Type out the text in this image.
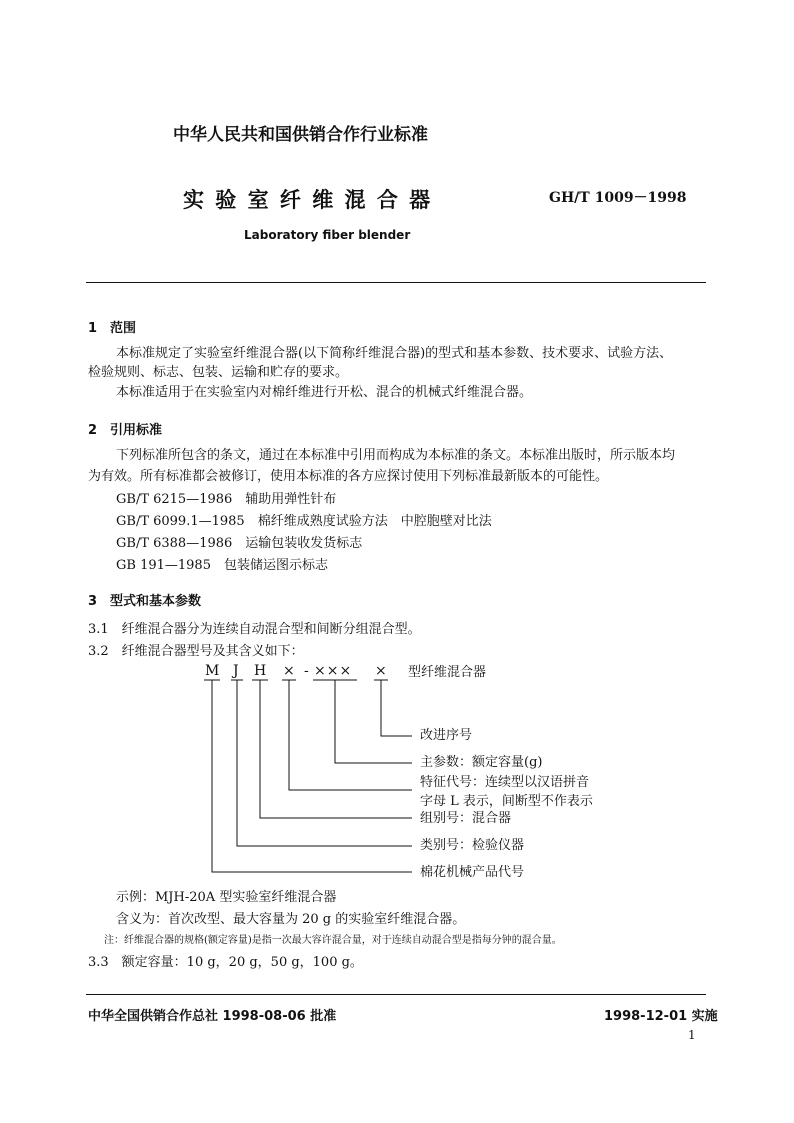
中华人民共和国供销合作行业标准
实 验 室 纤 维 混 合 器	GH/T 1009－1998
Laboratory fiber blender
1　范围
本标准规定了实验室纤维混合器(以下简称纤维混合器)的型式和基本参数、技术要求、试验方法、
检验规则、标志、包装、运输和贮存的要求。
本标准适用于在实验室内对棉纤维进行开松、混合的机械式纤维混合器。
2　引用标准
下列标准所包含的条文，通过在本标准中引用而构成为本标准的条文。本标准出版时，所示版本均
为有效。所有标准都会被修订，使用本标准的各方应探讨使用下列标准最新版本的可能性。
GB/T 6215—1986　辅助用弹性针布
GB/T 6099.1—1985　棉纤维成熟度试验方法　中腔胞壁对比法
GB/T 6388—1986　运输包装收发货标志
GB 191—1985　包装储运图示标志
3　型式和基本参数
3.1　纤维混合器分为连续自动混合型和间断分组混合型。
3.2　纤维混合器型号及其含义如下：
M J H × - ××× × 型纤维混合器
改进序号
主参数：额定容量(g)
特征代号：连续型以汉语拼音
字母 L 表示，间断型不作表示
组别号：混合器
类别号：检验仪器
棉花机械产品代号
示例：MJH-20A 型实验室纤维混合器
含义为：首次改型、最大容量为 20 g 的实验室纤维混合器。
注：纤维混合器的规格(额定容量)是指一次最大容许混合量，对于连续自动混合型是指每分钟的混合量。
3.3　额定容量：10 g，20 g，50 g，100 g。
中华全国供销合作总社 1998-08-06 批准	1998-12-01 实施
1
